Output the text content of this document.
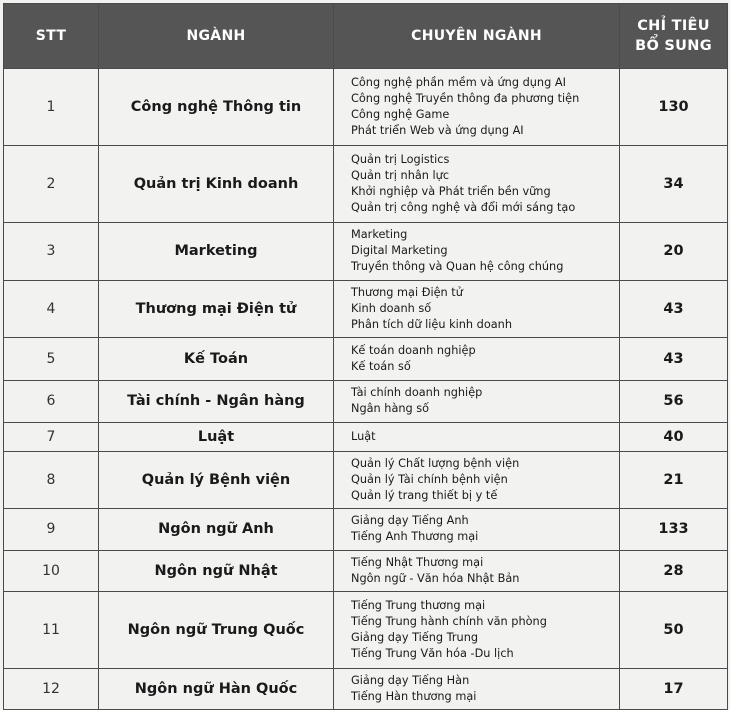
STT	NGÀNH	CHUYÊN NGÀNH	CHỈ TIÊU
BỔ SUNG

1	Công nghệ Thông tin	Công nghệ phần mềm và ứng dụng AI
Công nghệ Truyền thông đa phương tiện
Công nghệ Game
Phát triển Web và ứng dụng AI	130
2	Quản trị Kinh doanh	Quản trị Logistics
Quản trị nhân lực
Khởi nghiệp và Phát triển bền vững
Quản trị công nghệ và đổi mới sáng tạo	34
3	Marketing	Marketing
Digital Marketing
Truyền thông và Quan hệ công chúng	20
4	Thương mại Điện tử	Thương mại Điện tử
Kinh doanh số
Phân tích dữ liệu kinh doanh	43
5	Kế Toán	Kế toán doanh nghiệp
Kế toán số	43
6	Tài chính - Ngân hàng	Tài chính doanh nghiệp
Ngân hàng số	56
7	Luật	Luật	40
8	Quản lý Bệnh viện	Quản lý Chất lượng bệnh viện
Quản lý Tài chính bệnh viện
Quản lý trang thiết bị y tế	21
9	Ngôn ngữ Anh	Giảng dạy Tiếng Anh
Tiếng Anh Thương mại	133
10	Ngôn ngữ Nhật	Tiếng Nhật Thương mại
Ngôn ngữ - Văn hóa Nhật Bản	28
11	Ngôn ngữ Trung Quốc	Tiếng Trung thương mại
Tiếng Trung hành chính văn phòng
Giảng dạy Tiếng Trung
Tiếng Trung Văn hóa -Du lịch	50
12	Ngôn ngữ Hàn Quốc	Giảng dạy Tiếng Hàn
Tiếng Hàn thương mại	17
